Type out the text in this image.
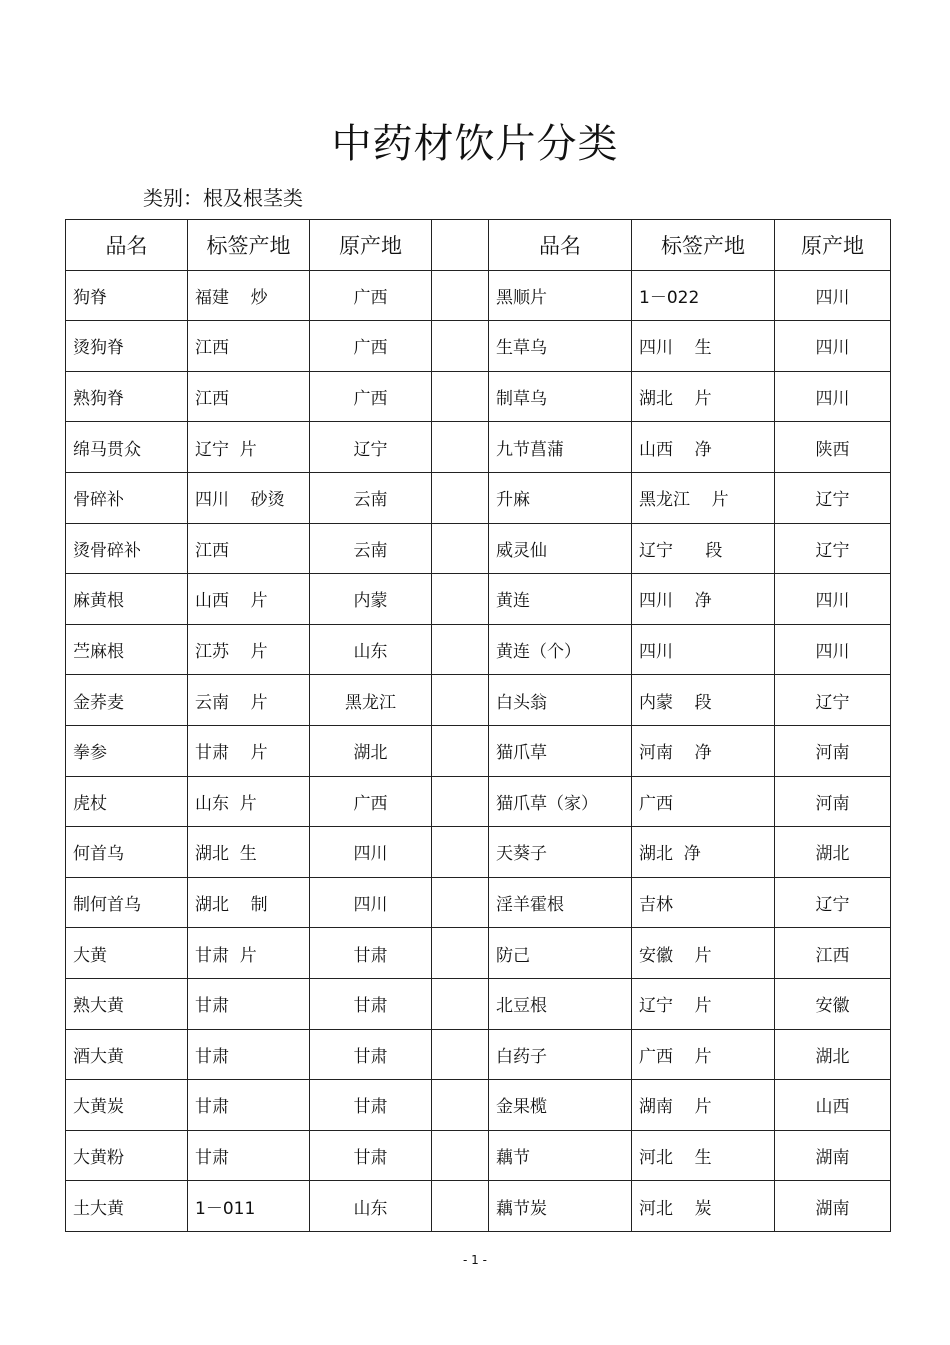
中药材饮片分类
类别：根及根茎类
品名	标签产地	原产地		品名	标签产地	原产地
狗脊	福建    炒	广西		黑顺片	1－022	四川
烫狗脊	江西	广西		生草乌	四川    生	四川
熟狗脊	江西	广西		制草乌	湖北    片	四川
绵马贯众	辽宁  片	辽宁		九节菖蒲	山西    净	陕西
骨碎补	四川    砂烫	云南		升麻	黑龙江    片	辽宁
烫骨碎补	江西	云南		威灵仙	辽宁      段	辽宁
麻黄根	山西    片	内蒙		黄连	四川    净	四川
苎麻根	江苏    片	山东		黄连（个）	四川	四川
金荞麦	云南    片	黑龙江		白头翁	内蒙    段	辽宁
拳参	甘肃    片	湖北		猫爪草	河南    净	河南
虎杖	山东  片	广西		猫爪草（家）	广西	河南
何首乌	湖北  生	四川		天葵子	湖北  净	湖北
制何首乌	湖北    制	四川		淫羊霍根	吉林	辽宁
大黄	甘肃  片	甘肃		防己	安徽    片	江西
熟大黄	甘肃	甘肃		北豆根	辽宁    片	安徽
酒大黄	甘肃	甘肃		白药子	广西    片	湖北
大黄炭	甘肃	甘肃		金果榄	湖南    片	山西
大黄粉	甘肃	甘肃		藕节	河北    生	湖南
土大黄	1－011	山东		藕节炭	河北    炭	湖南
- 1 -
